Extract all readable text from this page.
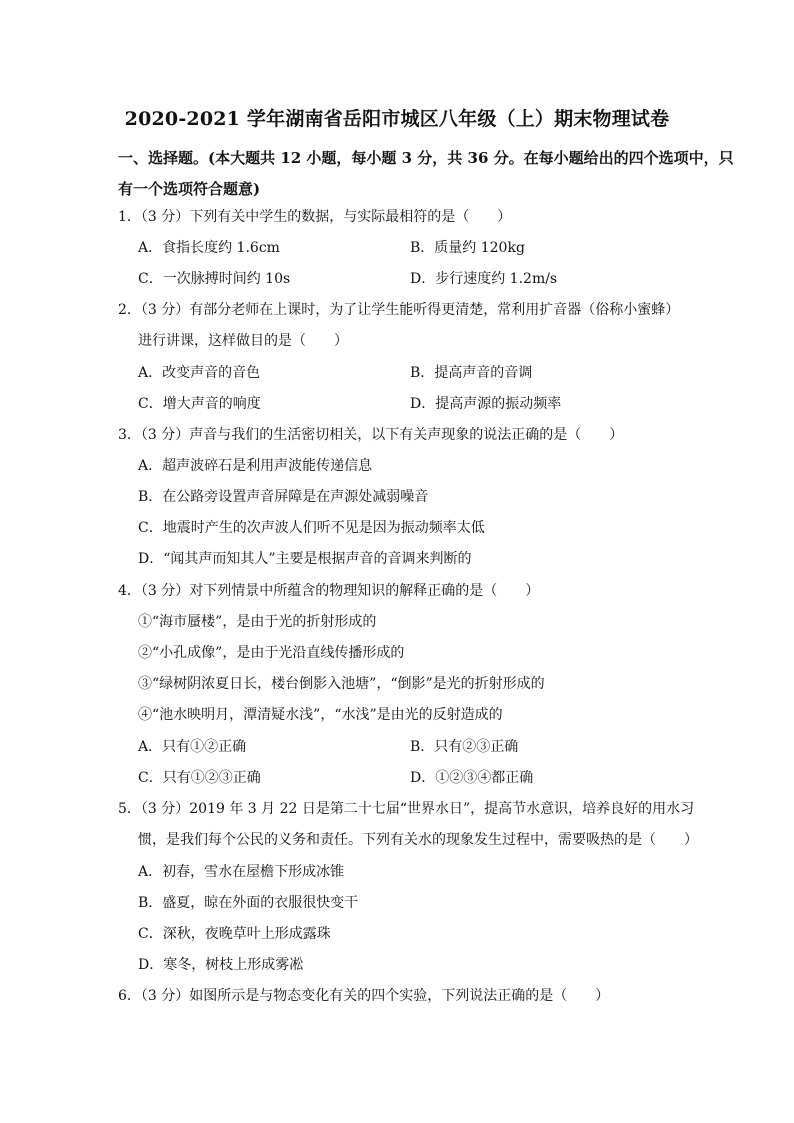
2020-2021 学年湖南省岳阳市城区八年级（上）期末物理试卷
一、选择题。(本大题共 12 小题，每小题 3 分，共 36 分。在每小题给出的四个选项中，只
有一个选项符合题意)
1．（3 分）下列有关中学生的数据，与实际最相符的是（　　）
A．食指长度约 1.6cm	B．质量约 120kg
C．一次脉搏时间约 10s	D．步行速度约 1.2m/s
2．（3 分）有部分老师在上课时，为了让学生能听得更清楚，常利用扩音器（俗称小蜜蜂）
进行讲课，这样做目的是（　　）
A．改变声音的音色	B．提高声音的音调
C．增大声音的响度	D．提高声源的振动频率
3．（3 分）声音与我们的生活密切相关，以下有关声现象的说法正确的是（　　）
A．超声波碎石是利用声波能传递信息
B．在公路旁设置声音屏障是在声源处减弱噪音
C．地震时产生的次声波人们听不见是因为振动频率太低
D．“闻其声而知其人”主要是根据声音的音调来判断的
4．（3 分）对下列情景中所蕴含的物理知识的解释正确的是（　　）
①“海市蜃楼”，是由于光的折射形成的
②“小孔成像”，是由于光沿直线传播形成的
③“绿树阴浓夏日长，楼台倒影入池塘”，“倒影”是光的折射形成的
④“池水映明月，潭清疑水浅”，“水浅”是由光的反射造成的
A．只有①②正确	B．只有②③正确
C．只有①②③正确	D．①②③④都正确
5．（3 分）2019 年 3 月 22 日是第二十七届“世界水日”，提高节水意识，培养良好的用水习
惯，是我们每个公民的义务和责任。下列有关水的现象发生过程中，需要吸热的是（　　）
A．初春，雪水在屋檐下形成冰锥
B．盛夏，晾在外面的衣服很快变干
C．深秋，夜晚草叶上形成露珠
D．寒冬，树枝上形成雾凇
6．（3 分）如图所示是与物态变化有关的四个实验，下列说法正确的是（　　）
